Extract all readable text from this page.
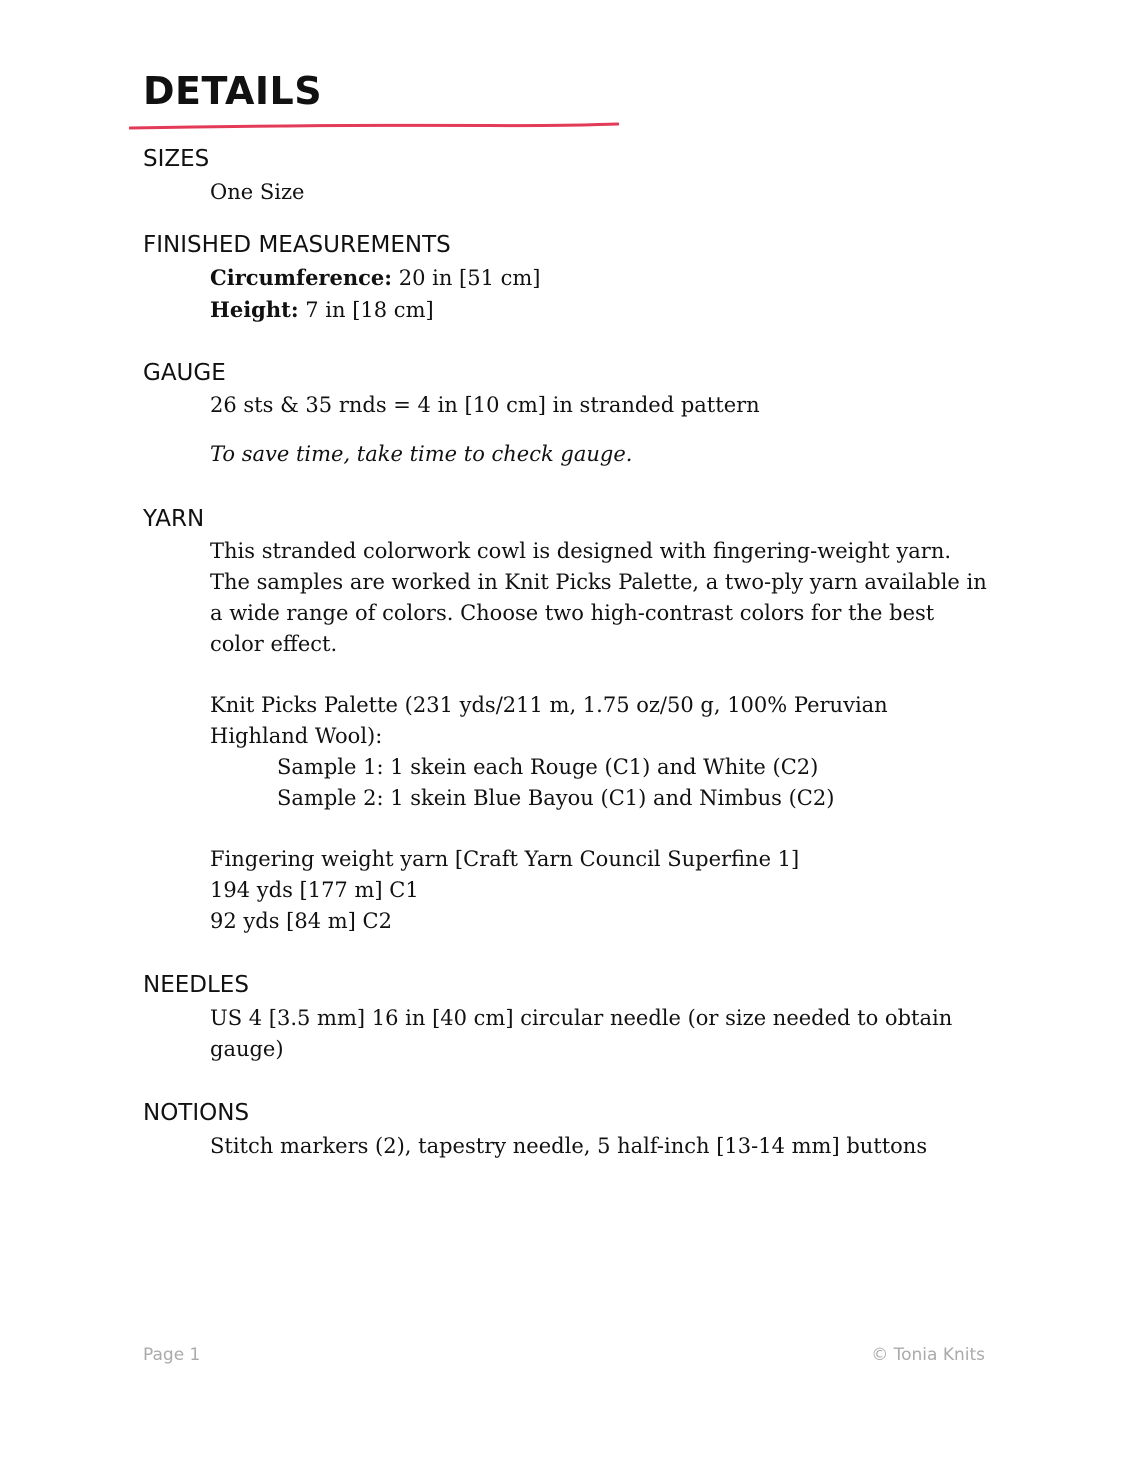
DETAILS
SIZES
One Size
FINISHED MEASUREMENTS
Circumference: 20 in [51 cm]
Height: 7 in [18 cm]
GAUGE
26 sts & 35 rnds = 4 in [10 cm] in stranded pattern
To save time, take time to check gauge.
YARN
This stranded colorwork cowl is designed with fingering-weight yarn. The samples are worked in Knit Picks Palette, a two-ply yarn available in a wide range of colors. Choose two high-contrast colors for the best color effect.
Knit Picks Palette (231 yds/211 m, 1.75 oz/50 g, 100% Peruvian Highland Wool):
Sample 1: 1 skein each Rouge (C1) and White (C2)
Sample 2: 1 skein Blue Bayou (C1) and Nimbus (C2)
Fingering weight yarn [Craft Yarn Council Superfine 1]
194 yds [177 m] C1
92 yds [84 m] C2
NEEDLES
US 4 [3.5 mm] 16 in [40 cm] circular needle (or size needed to obtain gauge)
NOTIONS
Stitch markers (2), tapestry needle, 5 half-inch [13-14 mm] buttons
Page 1	© Tonia Knits
